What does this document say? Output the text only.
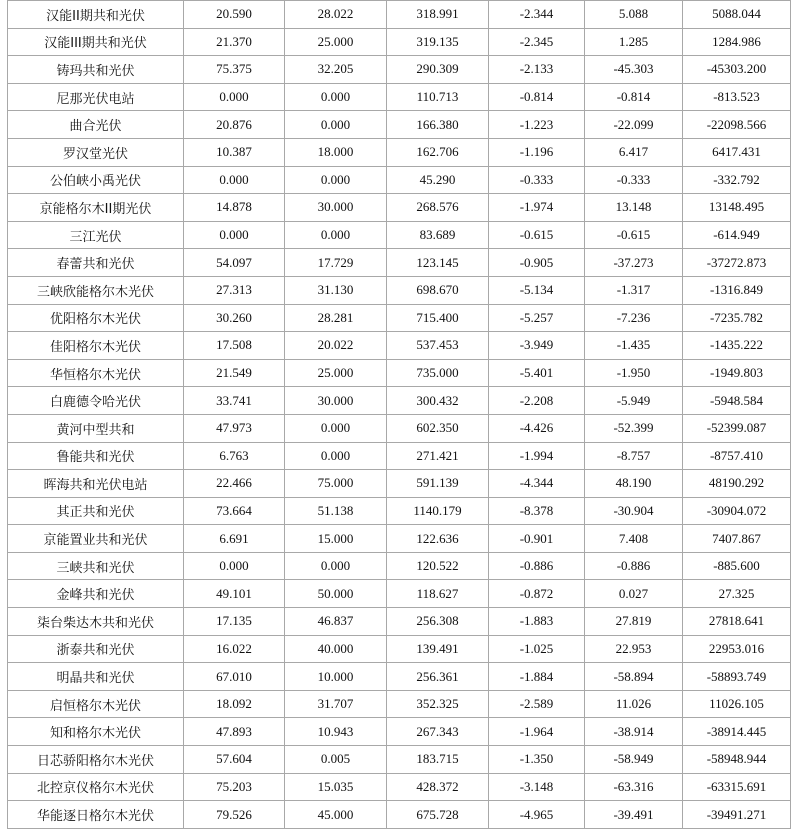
汉能II期共和光伏	20.590	28.022	318.991	-2.344	5.088	5088.044
汉能III期共和光伏	21.370	25.000	319.135	-2.345	1.285	1284.986
铸玛共和光伏	75.375	32.205	290.309	-2.133	-45.303	-45303.200
尼那光伏电站	0.000	0.000	110.713	-0.814	-0.814	-813.523
曲合光伏	20.876	0.000	166.380	-1.223	-22.099	-22098.566
罗汉堂光伏	10.387	18.000	162.706	-1.196	6.417	6417.431
公伯峡小禹光伏	0.000	0.000	45.290	-0.333	-0.333	-332.792
京能格尔木II期光伏	14.878	30.000	268.576	-1.974	13.148	13148.495
三江光伏	0.000	0.000	83.689	-0.615	-0.615	-614.949
春蕾共和光伏	54.097	17.729	123.145	-0.905	-37.273	-37272.873
三峡欣能格尔木光伏	27.313	31.130	698.670	-5.134	-1.317	-1316.849
优阳格尔木光伏	30.260	28.281	715.400	-5.257	-7.236	-7235.782
佳阳格尔木光伏	17.508	20.022	537.453	-3.949	-1.435	-1435.222
华恒格尔木光伏	21.549	25.000	735.000	-5.401	-1.950	-1949.803
白鹿德令哈光伏	33.741	30.000	300.432	-2.208	-5.949	-5948.584
黄河中型共和	47.973	0.000	602.350	-4.426	-52.399	-52399.087
鲁能共和光伏	6.763	0.000	271.421	-1.994	-8.757	-8757.410
晖海共和光伏电站	22.466	75.000	591.139	-4.344	48.190	48190.292
其正共和光伏	73.664	51.138	1140.179	-8.378	-30.904	-30904.072
京能置业共和光伏	6.691	15.000	122.636	-0.901	7.408	7407.867
三峡共和光伏	0.000	0.000	120.522	-0.886	-0.886	-885.600
金峰共和光伏	49.101	50.000	118.627	-0.872	0.027	27.325
柒台柴达木共和光伏	17.135	46.837	256.308	-1.883	27.819	27818.641
浙泰共和光伏	16.022	40.000	139.491	-1.025	22.953	22953.016
明晶共和光伏	67.010	10.000	256.361	-1.884	-58.894	-58893.749
启恒格尔木光伏	18.092	31.707	352.325	-2.589	11.026	11026.105
知和格尔木光伏	47.893	10.943	267.343	-1.964	-38.914	-38914.445
日芯骄阳格尔木光伏	57.604	0.005	183.715	-1.350	-58.949	-58948.944
北控京仪格尔木光伏	75.203	15.035	428.372	-3.148	-63.316	-63315.691
华能逐日格尔木光伏	79.526	45.000	675.728	-4.965	-39.491	-39491.271
